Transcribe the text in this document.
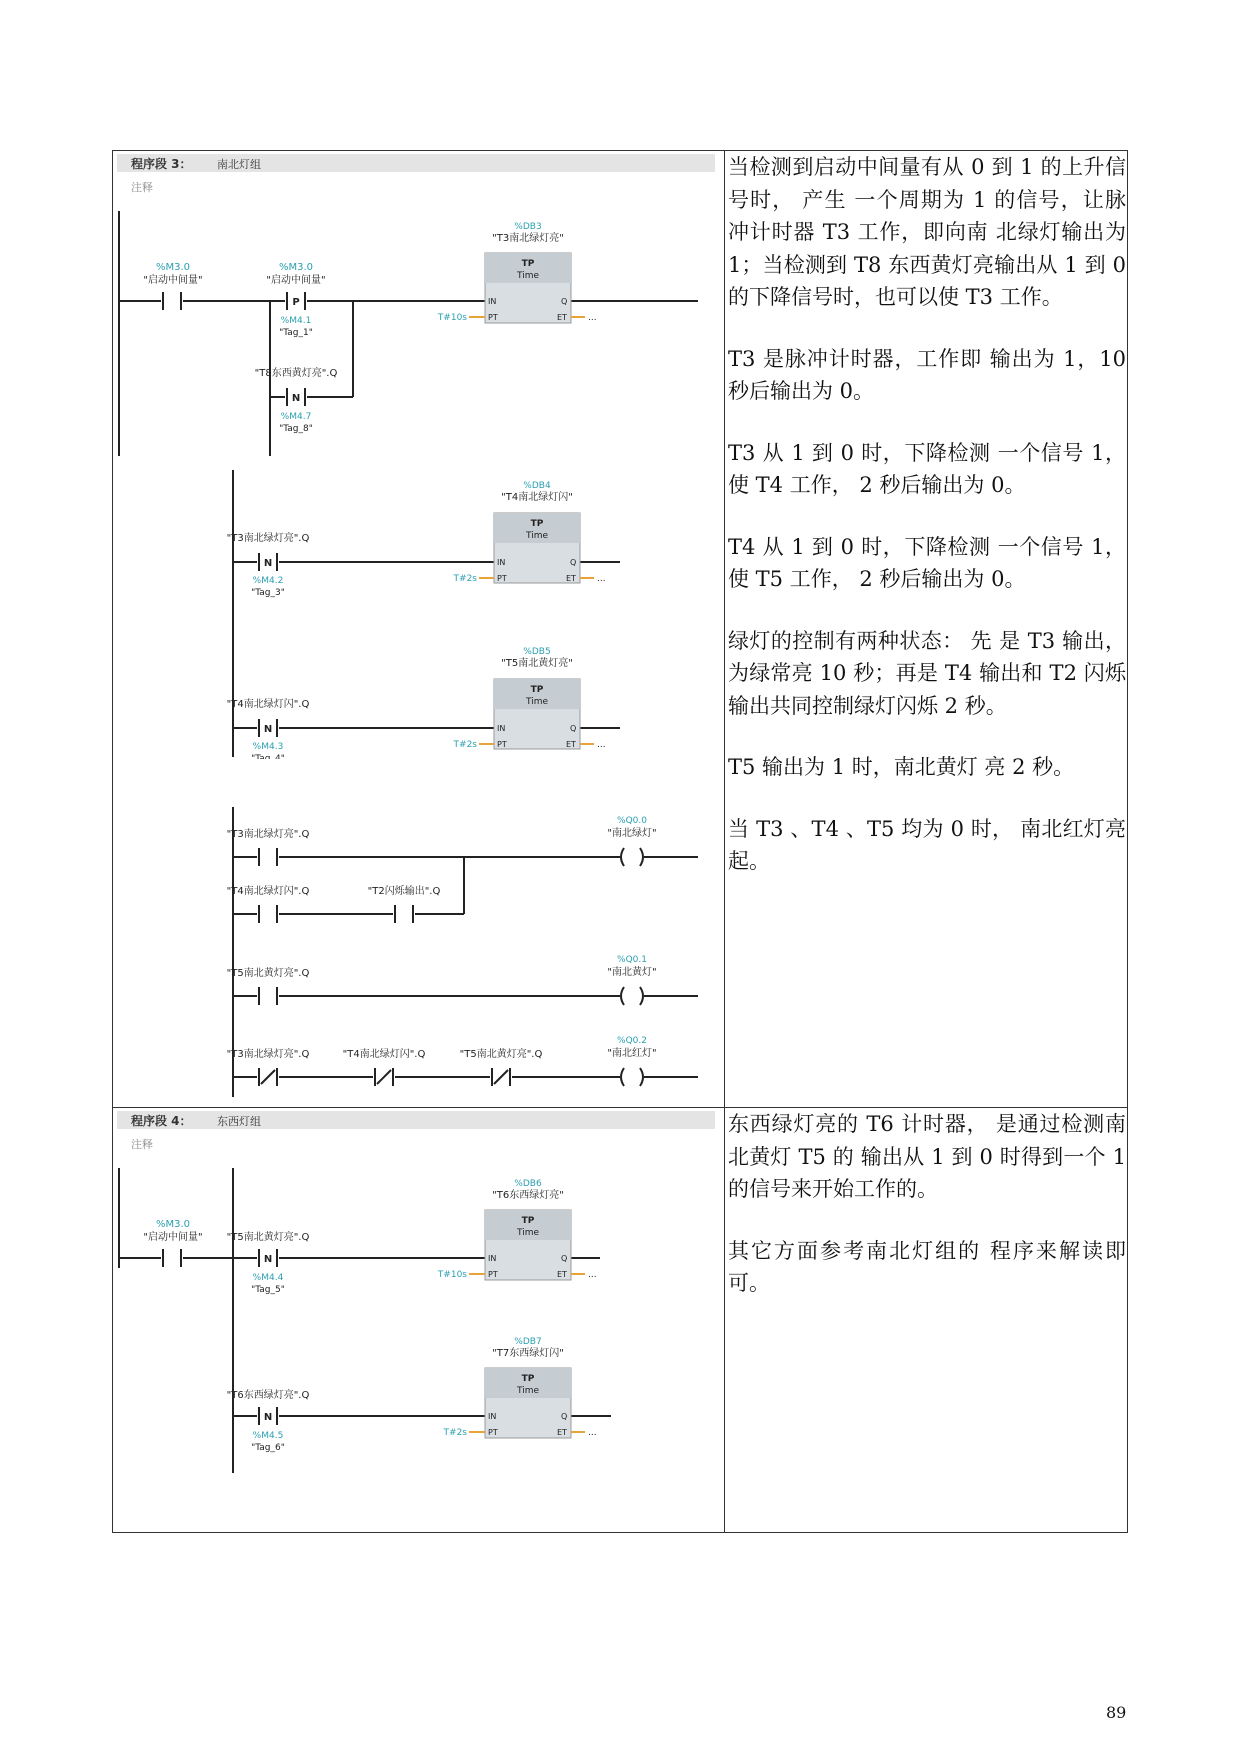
程序段 3： 南北灯组
注释
%M3.0
"启动中间量"
P
%M3.0
"启动中间量"
%M4.1
"Tag_1"
N
"T8东西黄灯亮".Q
%M4.7
"Tag_8"
%DB3
"T3南北绿灯亮"
TP
Time
IN
PT
Q
ET
T#10s	...
N
"T3南北绿灯亮".Q
%M4.2
"Tag_3"
%DB4
"T4南北绿灯闪"
TP
Time
IN
PT
Q
ET
T#2s	...
N
"T4南北绿灯闪".Q
%M4.3
%DB5
"T5南北黄灯亮"
TP
Time
IN
PT
Q
ET
T#2s	...
"T3南北绿灯亮".Q
"T4南北绿灯闪".Q	"T2闪烁输出".Q
"T5南北黄灯亮".Q
"T3南北绿灯亮".Q	"T4南北绿灯闪".Q	"T5南北黄灯亮".Q
%Q0.0
"南北绿灯"
%Q0.1
"南北黄灯"
%Q0.2
"南北红灯"
程序段 4： 东西灯组
注释
%M3.0
"启动中间量"
N
"T5南北黄灯亮".Q
%M4.4
"Tag_5"
%DB6
"T6东西绿灯亮"
TP
Time
IN
PT
Q
ET
T#10s	...
N
"T6东西绿灯亮".Q
%M4.5
"Tag_6"
%DB7
"T7东西绿灯闪"
TP
Time
IN
PT
Q
ET
T#2s	...

当检测到启动中间量有从 0 到 1 的上升信号时， 产生 一个周期为 1 的信号，让脉 冲计时器 T3 工作，即向南 北绿灯输出为 1；当检测到 T8 东西黄灯亮输出从 1 到 0 的下降信号时，也可以使 T3 工作。

T3 是脉冲计时器，工作即 输出为 1，10 秒后输出为 0。

T3 从 1 到 0 时，下降检测 一个信号 1，使 T4 工作， 2 秒后输出为 0。

T4 从 1 到 0 时，下降检测 一个信号 1，使 T5 工作， 2 秒后输出为 0。

绿灯的控制有两种状态： 先 是 T3 输出， 为绿常亮 10 秒；再是 T4 输出和 T2 闪烁 输出共同控制绿灯闪烁 2 秒。

T5 输出为 1 时，南北黄灯 亮 2 秒。

当 T3 、T4 、T5 均为 0 时， 南北红灯亮起。

东西绿灯亮的 T6 计时器， 是通过检测南北黄灯 T5 的 输出从 1 到 0 时得到一个 1 的信号来开始工作的。

其它方面参考南北灯组的 程序来解读即可。

89
